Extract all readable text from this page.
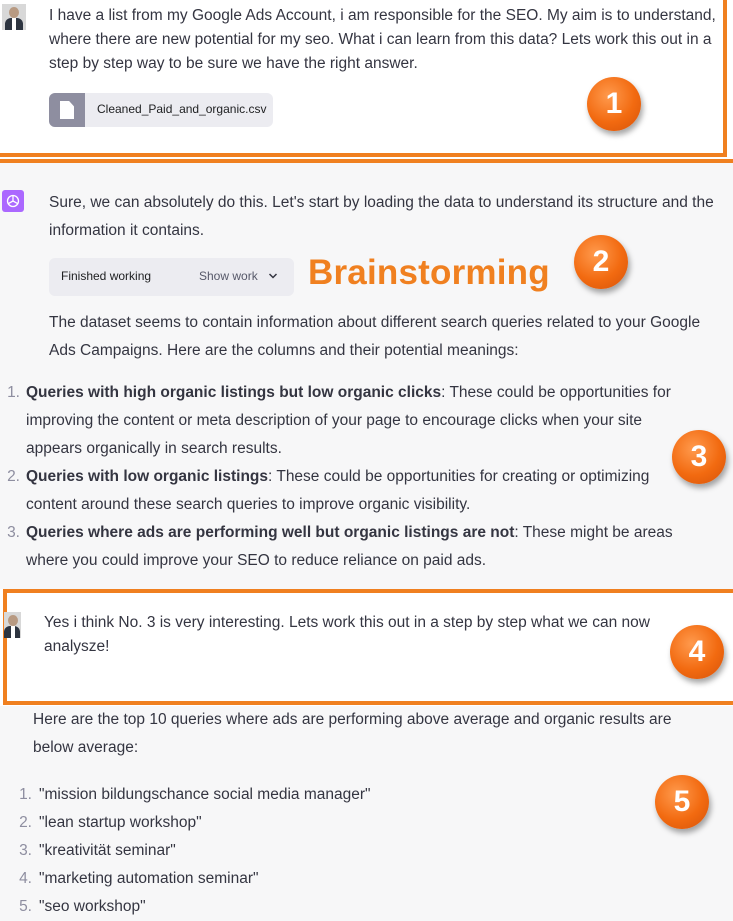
I have a list from my Google Ads Account, i am responsible for the SEO. My aim is to understand, where there are new potential for my seo. What i can learn from this data? Lets work this out in a step by step way to be sure we have the right answer.
Cleaned_Paid_and_organic.csv	1
Sure, we can absolutely do this. Let's start by loading the data to understand its structure and the information it contains.
Finished working	Show work Brainstorming	2
The dataset seems to contain information about different search queries related to your Google Ads Campaigns. Here are the columns and their potential meanings:
1. Queries with high organic listings but low organic clicks: These could be opportunities for improving the content or meta description of your page to encourage clicks when your site appears organically in search results.
2. Queries with low organic listings: These could be opportunities for creating or optimizing content around these search queries to improve organic visibility.
3. Queries where ads are performing well but organic listings are not: These might be areas where you could improve your SEO to reduce reliance on paid ads.
3
Yes i think No. 3 is very interesting. Lets work this out in a step by step what we can now analysze!	4
Here are the top 10 queries where ads are performing above average and organic results are below average:
1. "mission bildungschance social media manager"
2. "lean startup workshop"
3. "kreativität seminar"
4. "marketing automation seminar"
5. "seo workshop"
5
